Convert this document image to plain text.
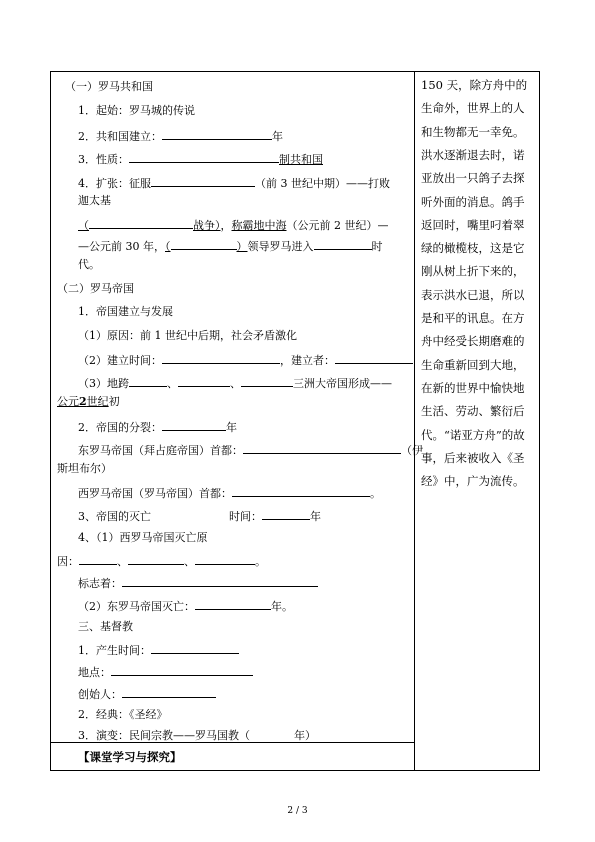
（一）罗马共和国
1．起始：罗马城的传说
2．共和国建立：	年
3．性质：	制共和国
4．扩张：征服	（前 3 世纪中期）——打败
迦太基
（	战争），称霸地中海（公元前 2 世纪）—
—公元前 30 年，（	）领导罗马进入	时
代。
（二）罗马帝国
1．帝国建立与发展
（1）原因：前 1 世纪中后期，社会矛盾激化
（2）建立时间：	，建立者：
（3）地跨	、	、	三洲大帝国形成——
公元2世纪初
2．帝国的分裂：	年
东罗马帝国（拜占庭帝国）首都：	（伊
斯坦布尔）
西罗马帝国（罗马帝国）首都：	。
3、帝国的灭亡	时间：	年
4、（1）西罗马帝国灭亡原
因：	、	、	。
标志着：
（2）东罗马帝国灭亡：	年。
三、基督教
1．产生时间：
地点：
创始人：
2．经典：《圣经》
3．演变：民间宗教——罗马国教（	年）
【课堂学习与探究】
150 天，除方舟中的
生命外，世界上的人
和生物都无一幸免。
洪水逐渐退去时，诺
亚放出一只鸽子去探
听外面的消息。鸽手
返回时，嘴里叼着翠
绿的橄榄枝，这是它
刚从树上折下来的，
表示洪水已退，所以
是和平的讯息。在方
舟中经受长期磨难的
生命重新回到大地，
在新的世界中愉快地
生活、劳动、繁衍后
代。“诺亚方舟”的故
事，后来被收入《圣
经》中，广为流传。
2 / 3
